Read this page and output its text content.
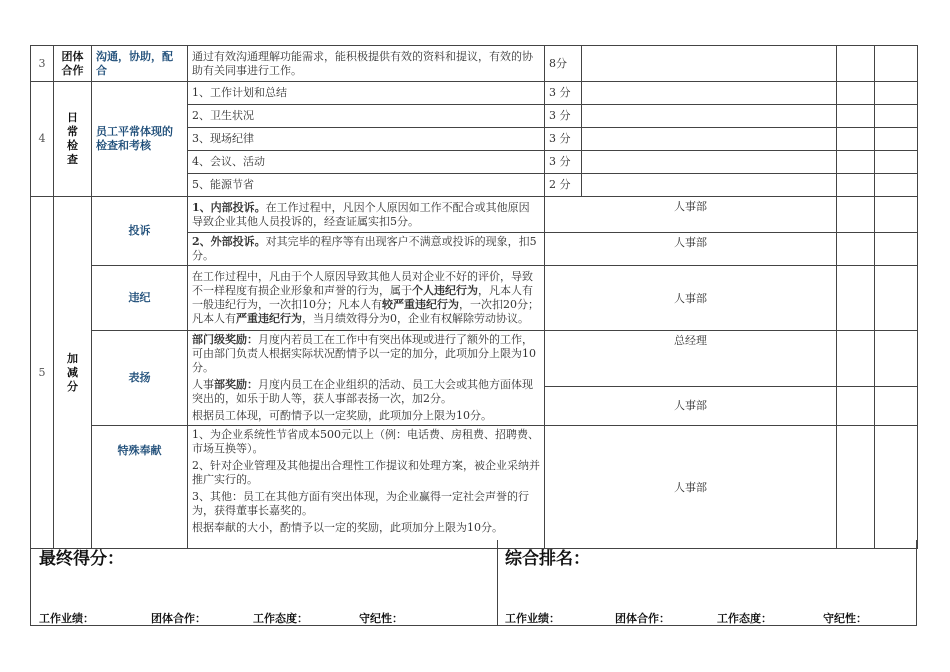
3	团体合作	沟通，协助，配合	通过有效沟通理解功能需求，能积极提供有效的资料和提议，有效的协助有关同事进行工作。	8分			
4	日常检查	员工平常体现的检查和考核	1、工作计划和总结	3 分			
			2、卫生状况	3 分			
			3、现场纪律	3 分			
			4、会议、活动	3 分			
			5、能源节省	2 分			
5	加减分	投诉	1、内部投诉。在工作过程中，凡因个人原因如工作不配合或其他原因导致企业其他人员投诉的，经查证属实扣5分。	人事部			
			2、外部投诉。对其完毕的程序等有出现客户不满意或投诉的现象，扣5分。	人事部			
		违纪	在工作过程中，凡由于个人原因导致其他人员对企业不好的评价，导致不一样程度有损企业形象和声誉的行为，属于个人违纪行为，凡本人有一般违纪行为，一次扣10分；凡本人有较严重违纪行为，一次扣20分；凡本人有严重违纪行为，当月绩效得分为0，企业有权解除劳动协议。	人事部			
		表扬	部门级奖励：月度内若员工在工作中有突出体现或进行了额外的工作，可由部门负责人根据实际状况酌情予以一定的加分，此项加分上限为10分。
人事部奖励：月度内员工在企业组织的活动、员工大会或其他方面体现突出的，如乐于助人等，获人事部表扬一次，加2分。
根据员工体现，可酌情予以一定奖励，此项加分上限为10分。	总经理			
				人事部			
		特殊奉献	1、为企业系统性节省成本500元以上（例：电话费、房租费、招聘费、市场互换等）。
2、针对企业管理及其他提出合理性工作提议和处理方案，被企业采纳并推广实行的。
3、其他：员工在其他方面有突出体现，为企业赢得一定社会声誉的行为，获得董事长嘉奖的。
根据奉献的大小，酌情予以一定的奖励，此项加分上限为10分。	人事部			
最终得分：
工作业绩：	团体合作：	工作态度：	守纪性：
综合排名：
工作业绩：	团体合作：	工作态度：	守纪性：
